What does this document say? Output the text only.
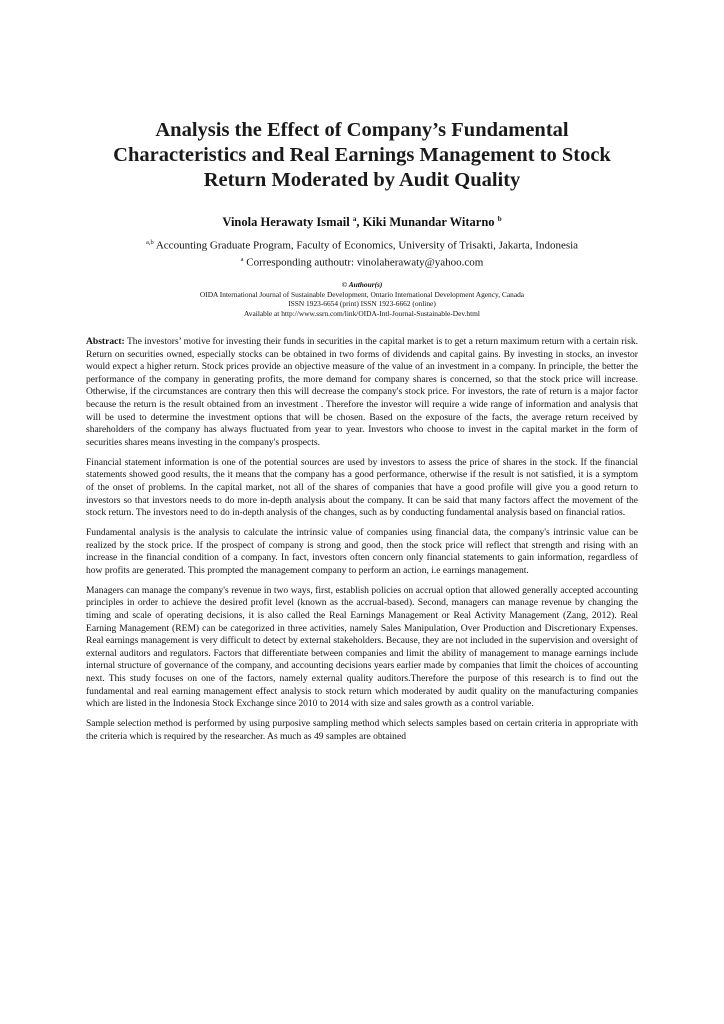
Analysis the Effect of Company’s Fundamental
Characteristics and Real Earnings Management to Stock
Return Moderated by Audit Quality
Vinola Herawaty Ismail $^a$, Kiki Munandar Witarno $^b$
$^{a,b}$ Accounting Graduate Program, Faculty of Economics, University of Trisakti, Jakarta, Indonesia
$^a$ Corresponding authoutr: vinolaherawaty@yahoo.com
© Authour(s)
OIDA International Journal of Sustainable Development, Ontario International Development Agency, Canada
ISSN 1923-6654 (print) ISSN 1923-6662 (online)
Available at http://www.ssrn.com/link/OIDA-Intl-Journal-Sustainable-Dev.html

Abstract: The investors’ motive for investing their funds in securities in the capital market is to get a return maximum return with a certain risk. Return on securities owned, especially stocks can be obtained in two forms of dividends and capital gains. By investing in stocks, an investor would expect a higher return. Stock prices provide an objective measure of the value of an investment in a company. In principle, the better the performance of the company in generating profits, the more demand for company shares is concerned, so that the stock price will increase. Otherwise, if the circumstances are contrary then this will decrease the company's stock price. For investors, the rate of return is a major factor because the return is the result obtained from an investment . Therefore the investor will require a wide range of information and analysis that will be used to determine the investment options that will be chosen. Based on the exposure of the facts, the average return received by shareholders of the company has always fluctuated from year to year. Investors who choose to invest in the capital market in the form of securities shares means investing in the company's prospects.

Financial statement information is one of the potential sources are used by investors to assess the price of shares in the stock. If the financial statements showed good results, the it means that the company has a good performance, otherwise if the result is not satisfied, it is a symptom of the onset of problems. In the capital market, not all of the shares of companies that have a good profile will give you a good return to investors so that investors needs to do more in-depth analysis about the company. It can be said that many factors affect the movement of the stock return. The investors need to do in-depth analysis of the changes, such as by conducting fundamental analysis based on financial ratios.

Fundamental analysis is the analysis to calculate the intrinsic value of companies using financial data, the company's intrinsic value can be realized by the stock price. If the prospect of company is strong and good, then the stock price will reflect that strength and rising with an increase in the financial condition of a company. In fact, investors often concern only financial statements to gain information, regardless of how profits are generated. This prompted the management company to perform an action, i.e earnings management.

Managers can manage the company's revenue in two ways, first, establish policies on accrual option that allowed generally accepted accounting principles in order to achieve the desired profit level (known as the accrual-based). Second, managers can manage revenue by changing the timing and scale of operating decisions, it is also called the Real Earnings Management or Real Activity Management (Zang, 2012). Real Earning Management (REM) can be categorized in three activities, namely Sales Manipulation, Over Production and Discretionary Expenses. Real earnings management is very difficult to detect by external stakeholders. Because, they are not included in the supervision and oversight of external auditors and regulators. Factors that differentiate between companies and limit the ability of management to manage earnings include internal structure of governance of the company, and accounting decisions years earlier made by companies that limit the choices of accounting next. This study focuses on one of the factors, namely external quality auditors.Therefore the purpose of this research is to find out the fundamental and real earning management effect analysis to stock return which moderated by audit quality on the manufacturing companies which are listed in the Indonesia Stock Exchange since 2010 to 2014 with size and sales growth as a control variable.

Sample selection method is performed by using purposive sampling method which selects samples based on certain criteria in appropriate with the criteria which is required by the researcher. As much as 49 samples are obtained
